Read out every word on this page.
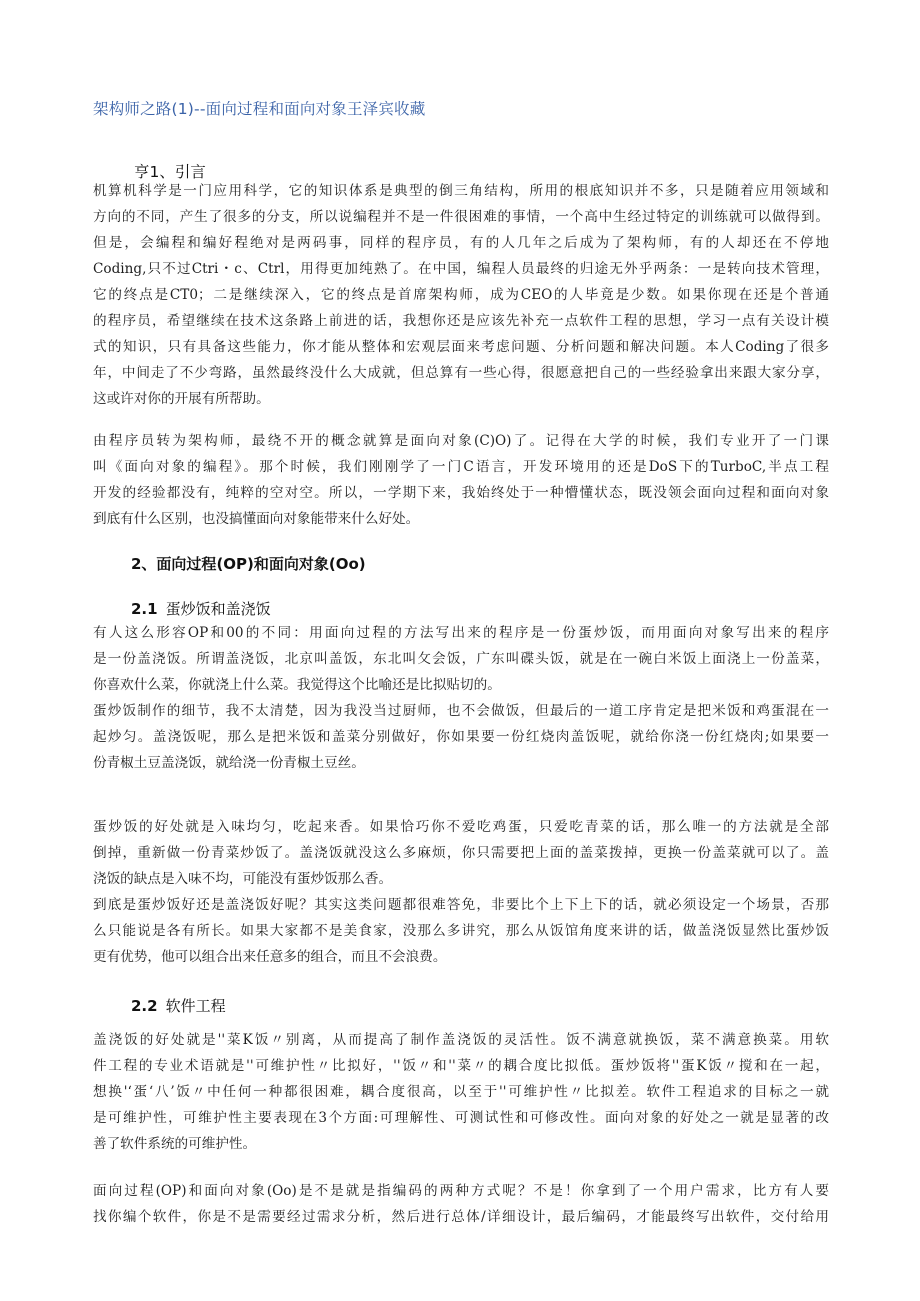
架构师之路(1)--面向过程和面向对象王泽宾收藏
亨1、引言
机算机科学是一门应用科学，它的知识体系是典型的倒三角结构，所用的根底知识并不多，只是随着应用领域和
方向的不同，产生了很多的分支，所以说编程并不是一件很困难的事情，一个高中生经过特定的训练就可以做得到。
但是，会编程和编好程绝对是两码事，同样的程序员，有的人几年之后成为了架构师，有的人却还在不停地
Coding,只不过Ctri・c、Ctrl，用得更加纯熟了。在中国，编程人员最终的归途无外乎两条：一是转向技术管理，
它的终点是CT0；二是继续深入，它的终点是首席架构师，成为CEO的人毕竟是少数。如果你现在还是个普通
的程序员，希望继续在技术这条路上前进的话，我想你还是应该先补充一点软件工程的思想，学习一点有关设计模
式的知识，只有具备这些能力，你才能从整体和宏观层面来考虑问题、分析问题和解决问题。本人Coding了很多
年，中间走了不少弯路，虽然最终没什么大成就，但总算有一些心得，很愿意把自己的一些经验拿出来跟大家分享，
这或许对你的开展有所帮助。
由程序员转为架构师，最绕不开的概念就算是面向对象(C)O)了。记得在大学的时候，我们专业开了一门课
叫《面向对象的编程》。那个时候，我们刚刚学了一门C语言，开发环境用的还是DoS下的TurboC,半点工程
开发的经验都没有，纯粹的空对空。所以，一学期下来，我始终处于一种懵懂状态，既没领会面向过程和面向对象
到底有什么区别，也没搞懂面向对象能带来什么好处。
2、面向过程(OP)和面向对象(Oo)
2.1 蛋炒饭和盖浇饭
有人这么形容OP和00的不同：用面向过程的方法写出来的程序是一份蛋炒饭，而用面向对象写出来的程序
是一份盖浇饭。所谓盖浇饭，北京叫盖饭，东北叫攵会饭，广东叫碟头饭，就是在一碗白米饭上面浇上一份盖菜，
你喜欢什么菜，你就浇上什么菜。我觉得这个比喻还是比拟贴切的。
蛋炒饭制作的细节，我不太清楚，因为我没当过厨师，也不会做饭，但最后的一道工序肯定是把米饭和鸡蛋混在一
起炒匀。盖浇饭呢，那么是把米饭和盖菜分别做好，你如果要一份红烧肉盖饭呢，就给你浇一份红烧肉;如果要一
份青椒土豆盖浇饭，就给浇一份青椒土豆丝。
蛋炒饭的好处就是入味均匀，吃起来香。如果恰巧你不爱吃鸡蛋，只爱吃青菜的话，那么唯一的方法就是全部
倒掉，重新做一份青菜炒饭了。盖浇饭就没这么多麻烦，你只需要把上面的盖菜拨掉，更换一份盖菜就可以了。盖
浇饭的缺点是入味不均，可能没有蛋炒饭那么香。
到底是蛋炒饭好还是盖浇饭好呢？其实这类问题都很难答免，非要比个上下上下的话，就必须设定一个场景，否那
么只能说是各有所长。如果大家都不是美食家，没那么多讲究，那么从饭馆角度来讲的话，做盖浇饭显然比蛋炒饭
更有优势，他可以组合出来任意多的组合，而且不会浪费。
2.2 软件工程
盖浇饭的好处就是''菜K饭〃别离，从而提高了制作盖浇饭的灵活性。饭不满意就换饭，菜不满意换菜。用软
件工程的专业术语就是''可维护性〃比拟好，''饭〃和''菜〃的耦合度比拟低。蛋炒饭将''蛋K饭〃搅和在一起，
想换'‘蛋‘八’饭〃中任何一种都很困难，耦合度很高，以至于''可维护性〃比拟差。软件工程追求的目标之一就
是可维护性，可维护性主要表现在3个方面:可理解性、可测试性和可修改性。面向对象的好处之一就是显著的改
善了软件系统的可维护性。
面向过程(OP)和面向对象(Oo)是不是就是指编码的两种方式呢？不是！你拿到了一个用户需求，比方有人要
找你编个软件，你是不是需要经过需求分析，然后进行总体/详细设计，最后编码，才能最终写出软件，交付给用
